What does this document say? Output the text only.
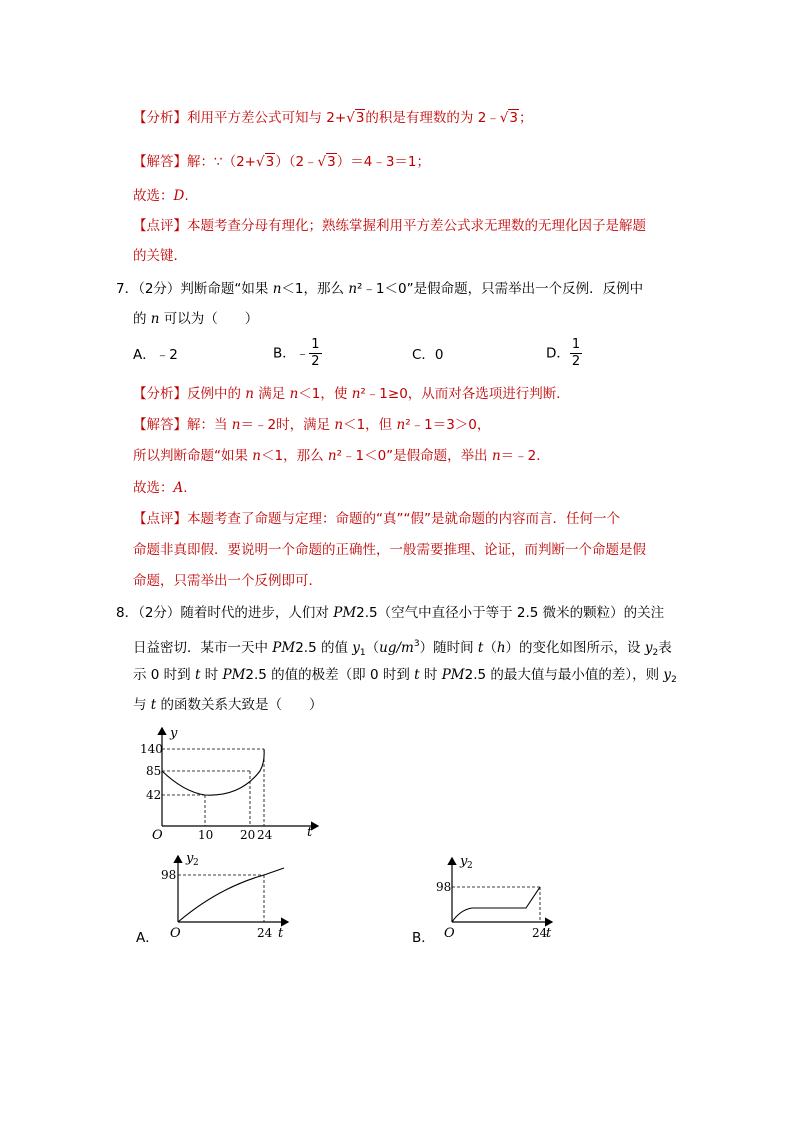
【分析】利用平方差公式可知与 2+√3的积是有理数的为 2﹣√3；
【解答】解：∵（2+√3）（2﹣√3）＝4﹣3＝1；
故选：D.
【点评】本题考查分母有理化；熟练掌握利用平方差公式求无理数的无理化因子是解题
的关键．
7．（2分）判断命题“如果 n＜1，那么 n²﹣1＜0”是假命题，只需举出一个反例．反例中
的 n 可以为（　　）
A．﹣2	B．﹣ $\frac{1}{2}$	C．0	D． $\frac{1}{2}$
【分析】反例中的 n 满足 n＜1，使 n²﹣1≥0，从而对各选项进行判断．
【解答】解：当 n＝﹣2时，满足 n＜1，但 n²﹣1＝3＞0，
所以判断命题“如果 n＜1，那么 n²﹣1＜0”是假命题，举出 n＝﹣2．
故选：A.
【点评】本题考查了命题与定理：命题的“真”“假”是就命题的内容而言．任何一个
命题非真即假．要说明一个命题的正确性，一般需要推理、论证，而判断一个命题是假
命题，只需举出一个反例即可．
8．（2分）随着时代的进步，人们对 PM2.5（空气中直径小于等于 2.5 微米的颗粒）的关注
日益密切．某市一天中 PM2.5 的值 $y_1(ug/m^3)$随时间 t（h）的变化如图所示，设 $y_2$表
示 0 时到 t 时 PM2.5 的值的极差（即 0 时到 t 时 PM2.5 的最大值与最小值的差），则 $y_2$
与 t 的函数关系大致是（　　）
y
140
85
42
O	10 20 24	t
A．
y 2
98
O	24 t	B．
y 2
98
O	24
t
